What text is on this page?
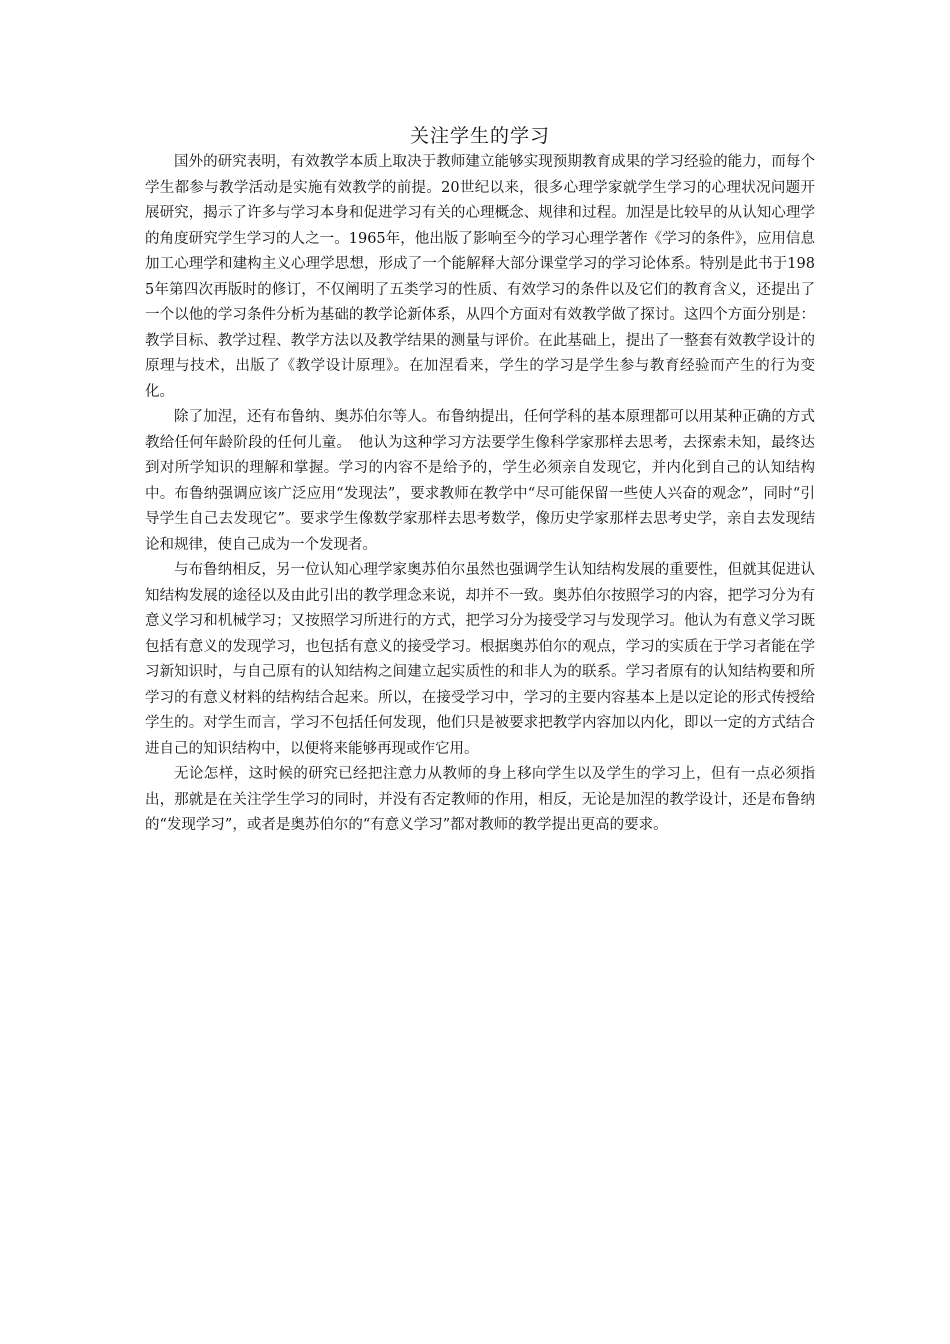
关注学生的学习

国外的研究表明，有效教学本质上取决于教师建立能够实现预期教育成果的学习经验的能力，而每个学生都参与教学活动是实施有效教学的前提。20世纪以来，很多心理学家就学生学习的心理状况问题开展研究，揭示了许多与学习本身和促进学习有关的心理概念、规律和过程。加涅是比较早的从认知心理学的角度研究学生学习的人之一。1965年，他出版了影响至今的学习心理学著作《学习的条件》，应用信息加工心理学和建构主义心理学思想，形成了一个能解释大部分课堂学习的学习论体系。特别是此书于1985年第四次再版时的修订，不仅阐明了五类学习的性质、有效学习的条件以及它们的教育含义，还提出了一个以他的学习条件分析为基础的教学论新体系，从四个方面对有效教学做了探讨。这四个方面分别是：教学目标、教学过程、教学方法以及教学结果的测量与评价。在此基础上，提出了一整套有效教学设计的原理与技术，出版了《教学设计原理》。在加涅看来，学生的学习是学生参与教育经验而产生的行为变化。

除了加涅，还有布鲁纳、奥苏伯尔等人。布鲁纳提出，任何学科的基本原理都可以用某种正确的方式教给任何年龄阶段的任何儿童。　他认为这种学习方法要学生像科学家那样去思考，去探索未知，最终达到对所学知识的理解和掌握。学习的内容不是给予的，学生必须亲自发现它，并内化到自己的认知结构中。布鲁纳强调应该广泛应用“发现法”，要求教师在教学中“尽可能保留一些使人兴奋的观念”，同时“引导学生自己去发现它”。要求学生像数学家那样去思考数学，像历史学家那样去思考史学，亲自去发现结论和规律，使自己成为一个发现者。

与布鲁纳相反，另一位认知心理学家奥苏伯尔虽然也强调学生认知结构发展的重要性，但就其促进认知结构发展的途径以及由此引出的教学理念来说，却并不一致。奥苏伯尔按照学习的内容，把学习分为有意义学习和机械学习；又按照学习所进行的方式，把学习分为接受学习与发现学习。他认为有意义学习既包括有意义的发现学习，也包括有意义的接受学习。根据奥苏伯尔的观点，学习的实质在于学习者能在学习新知识时，与自己原有的认知结构之间建立起实质性的和非人为的联系。学习者原有的认知结构要和所学习的有意义材料的结构结合起来。所以，在接受学习中，学习的主要内容基本上是以定论的形式传授给学生的。对学生而言，学习不包括任何发现，他们只是被要求把教学内容加以内化，即以一定的方式结合进自己的知识结构中，以便将来能够再现或作它用。

无论怎样，这时候的研究已经把注意力从教师的身上移向学生以及学生的学习上，但有一点必须指出，那就是在关注学生学习的同时，并没有否定教师的作用，相反，无论是加涅的教学设计，还是布鲁纳的“发现学习”，或者是奥苏伯尔的“有意义学习”都对教师的教学提出更高的要求。
